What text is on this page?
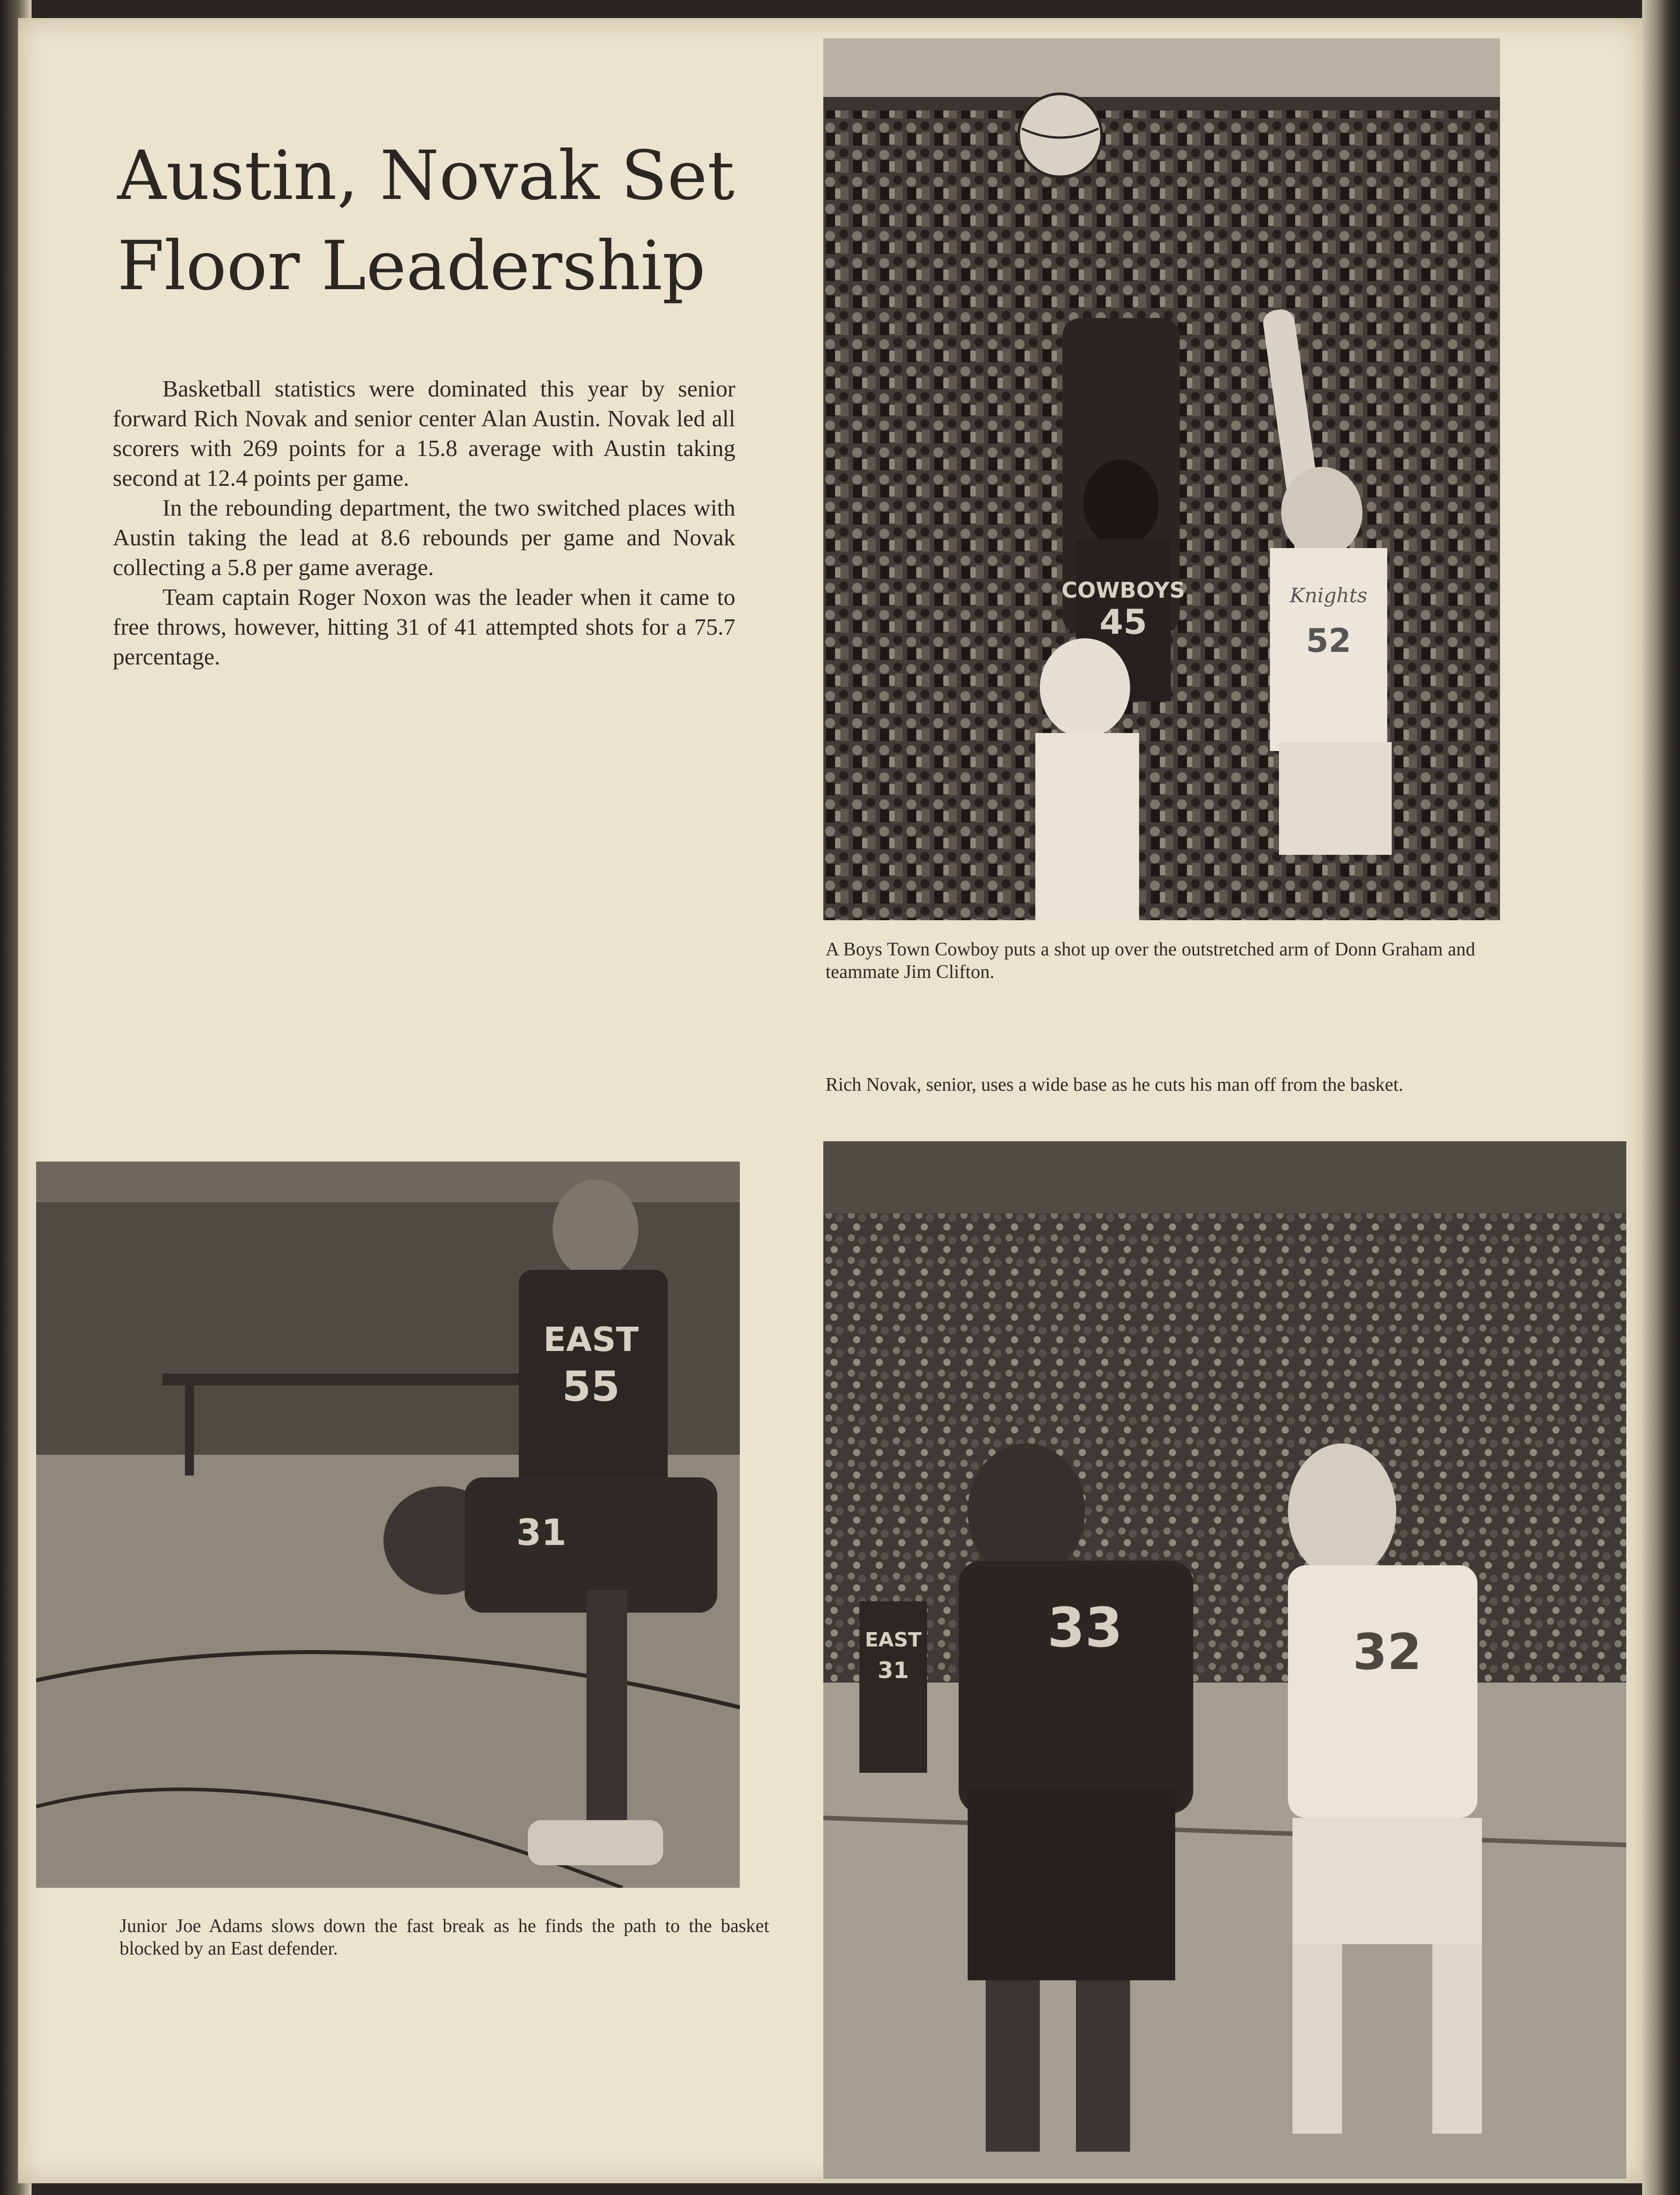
Austin, Novak Set
Floor Leadership

Basketball statistics were dominated this year by senior forward Rich Novak and senior center Alan Austin. Novak led all scorers with 269 points for a 15.8 average with Austin taking second at 12.4 points per game.

In the rebounding department, the two switched places with Austin taking the lead at 8.6 rebounds per game and Novak collecting a 5.8 per game average.

Team captain Roger Noxon was the leader when it came to free throws, however, hitting 31 of 41 attempted shots for a 75.7 percentage.

COWBOYS
45
Knights
52
EAST
55
31
EAST
31
33	32
A Boys Town Cowboy puts a shot up over the outstretched arm of Donn Graham and teammate Jim Clifton.
Rich Novak, senior, uses a wide base as he cuts his man off from the basket.
Junior Joe Adams slows down the fast break as he finds the path to the basket blocked by an East defender.
